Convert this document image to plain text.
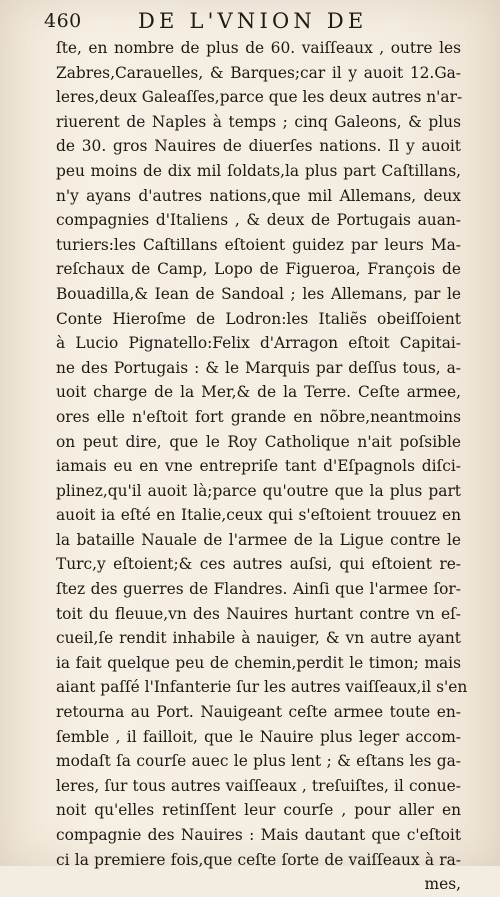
460	DE L'VNION DE
ſte, en nombre de plus de 60. vaiſſeaux , outre les
Zabres,Carauelles, & Barques;car il y auoit 12.Ga-
leres,deux Galeaſſes,parce que les deux autres n'ar-
riuerent de Naples à temps ; cinq Galeons, & plus
de 30. gros Nauires de diuerſes nations. Il y auoit
peu moins de dix mil ſoldats,la plus part Caſtillans,
n'y ayans d'autres nations,que mil Allemans, deux
compagnies d'Italiens , & deux de Portugais auan-
turiers:les Caſtillans eſtoient guidez par leurs Ma-
reſchaux de Camp, Lopo de Figueroa, François de
Bouadilla,& Iean de Sandoal ; les Allemans, par le
Conte Hieroſme de Lodron:les Italiẽs obeiſſoient
à Lucio Pignatello:Felix d'Arragon eſtoit Capitai-
ne des Portugais : & le Marquis par deſſus tous, a-
uoit charge de la Mer,& de la Terre. Ceſte armee,
ores elle n'eſtoit fort grande en nõbre,neantmoins
on peut dire, que le Roy Catholique n'ait poſsible
iamais eu en vne entrepriſe tant d'Eſpagnols diſci-
plinez,qu'il auoit là;parce qu'outre que la plus part
auoit ia eſté en Italie,ceux qui s'eſtoient trouuez en
la bataille Nauale de l'armee de la Ligue contre le
Turc,y eſtoient;& ces autres auſsi, qui eſtoient re-
ſtez des guerres de Flandres. Ainſi que l'armee ſor-
toit du fleuue,vn des Nauires hurtant contre vn eſ-
cueil,ſe rendit inhabile à nauiger, & vn autre ayant
ia fait quelque peu de chemin,perdit le timon; mais
aiant paſſé l'Infanterie ſur les autres vaiſſeaux,il s'en
retourna au Port. Nauigeant ceſte armee toute en-
ſemble , il failloit, que le Nauire plus leger accom-
modaſt ſa courſe auec le plus lent ; & eſtans les ga-
leres, ſur tous autres vaiſſeaux , treſuiſtes, il conue-
noit qu'elles retinſſent leur courſe , pour aller en
compagnie des Nauires : Mais dautant que c'eſtoit
ci la premiere fois,que ceſte ſorte de vaiſſeaux à ra-
mes,
